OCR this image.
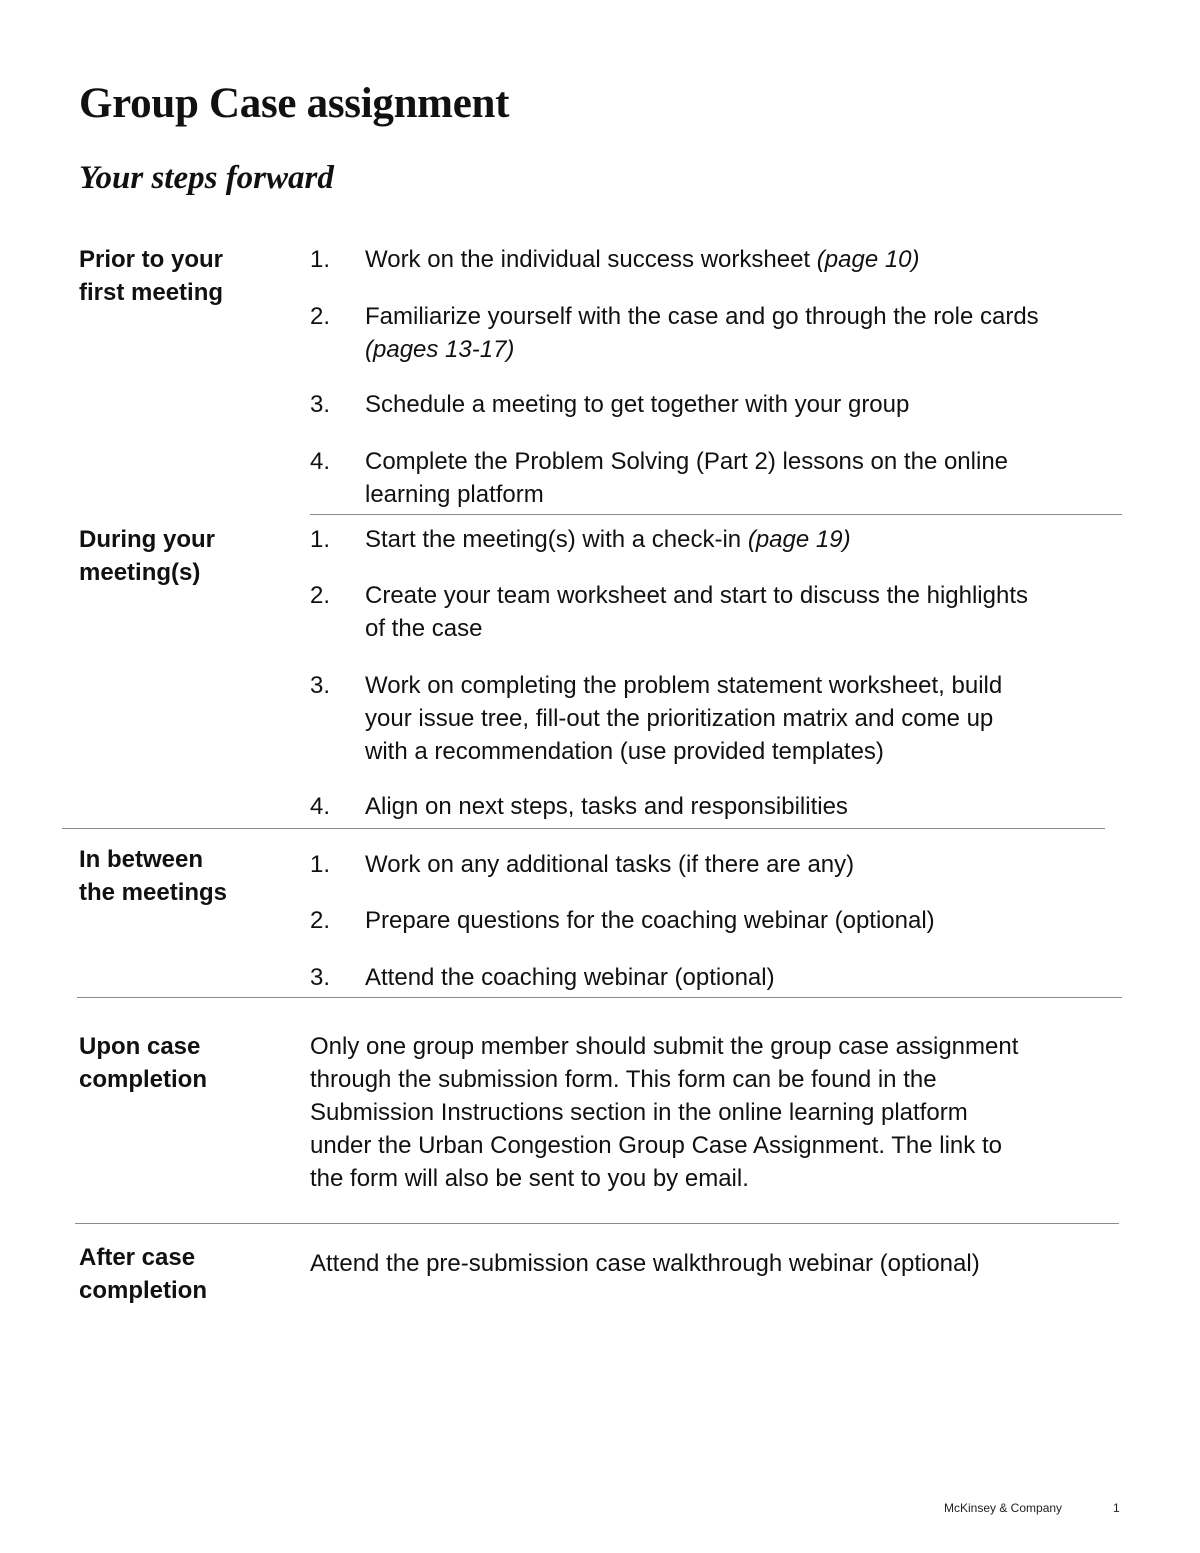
Group Case assignment
Your steps forward
Prior to your
first meeting
1. Work on the individual success worksheet (page 10)
2. Familiarize yourself with the case and go through the role cards
(pages 13-17)
3. Schedule a meeting to get together with your group
4. Complete the Problem Solving (Part 2) lessons on the online
learning platform
During your
meeting(s)
1. Start the meeting(s) with a check-in (page 19)
2. Create your team worksheet and start to discuss the highlights
of the case
3. Work on completing the problem statement worksheet, build
your issue tree, fill-out the prioritization matrix and come up
with a recommendation (use provided templates)
4. Align on next steps, tasks and responsibilities
In between
the meetings
1. Work on any additional tasks (if there are any)
2. Prepare questions for the coaching webinar (optional)
3. Attend the coaching webinar (optional)
Upon case
completion
Only one group member should submit the group case assignment
through the submission form. This form can be found in the
Submission Instructions section in the online learning platform
under the Urban Congestion Group Case Assignment. The link to
the form will also be sent to you by email.
After case
completion
Attend the pre-submission case walkthrough webinar (optional)
McKinsey & Company	1
